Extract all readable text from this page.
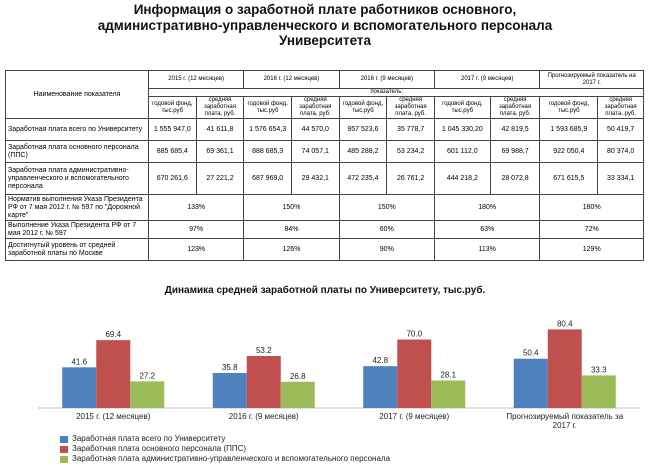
Информация о заработной плате работников основного,
административно-управленческого и вспомогательного персонала
Университета
Наименование показателя	2015 г. (12 месяцев)		2016 г. (12 месяцев)		2016 г. (9 месяцев)		2017 г. (9 месяцев)		Прогнозируемый показатель на 2017 г.	
	показатель:									
	годовой фонд, тыс.руб	средняя заработная плата, руб.	годовой фонд, тыс.руб	средняя заработная плата, руб.	годовой фонд, тыс.руб	средняя заработная плата, руб.	годовой фонд, тыс.руб	средняя заработная плата, руб.	годовой фонд, тыс.руб	средняя заработная плата, руб.
Заработная плата всего по Университету	1 555 947,0	41 611,8	1 576 654,3	44 570,0	957 523,6	35 778,7	1 045 330,20	42 819,5	1 593 685,9	50 419,7
Заработная плата основного персонала (ППС)	885 685,4	69 361,1	888 685,3	74 057,1	485 288,2	53 234,2	601 112,0	69 988,7	922 050,4	80 374,0
Заработная плата административно-управленческого и вспомогательного персонала	670 261,6	27 221,2	687 969,0	29 432,1	472 235,4	26 761,2	444 218,2	28 072,8	671 615,5	33 334,1
Норматив выполнения Указа Президента РФ от 7 мая 2012 г. № 597 по "Дорожной карте"	133%		150%		150%		180%		180%	
Выполнение Указа Президента РФ от 7 мая 2012 г. № 597	97%		84%		60%		63%		72%	
Достигнутый уровень от средней заработной платы по Москве	123%		126%		90%		113%		129%	
Динамика средней заработной платы по Университету, тыс.руб.
41.6
69.4
27.2
2015 г. (12 месяцев)
35.8
53.2
26.8
2016 г. (9 месяцев)
42.8
70.0
28.1
2017 г. (9 месяцев)
50.4
80.4
33.3
Прогнозируемый показатель за 2017 г.
Заработная плата всего по Университету
Заработная плата основного персонала (ППС)
Заработная плата административно-управленческого и вспомогательного персонала
